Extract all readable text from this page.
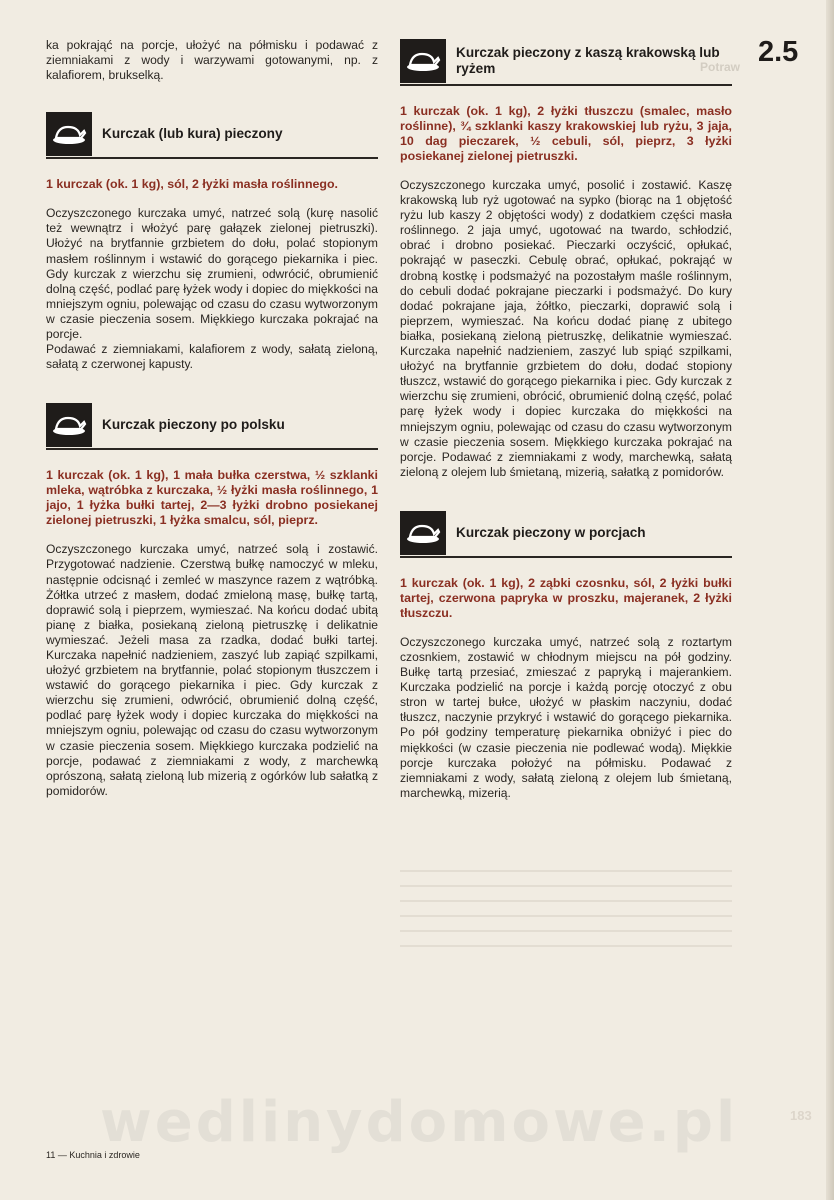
Potraw 2.5

ka pokrająć na porcje, ułożyć na półmisku i podawać z ziemniakami z wody i warzywami gotowanymi, np. z kalafiorem, brukselką.

Kurczak (lub kura) pieczony

1 kurczak (ok. 1 kg), sól, 2 łyżki masła roślinnego.

Oczyszczonego kurczaka umyć, natrzeć solą (kurę nasolić też wewnątrz i włożyć parę gałązek zielonej pietruszki). Ułożyć na brytfannie grzbietem do dołu, polać stopionym masłem roślinnym i wstawić do gorącego piekarnika i piec. Gdy kurczak z wierzchu się zrumieni, odwrócić, obrumienić dolną część, podlać parę łyżek wody i dopiec do miękkości na mniejszym ogniu, polewając od czasu do czasu wytworzonym w czasie pieczenia sosem. Miękkiego kurczaka pokrajać na porcje.

Podawać z ziemniakami, kalafiorem z wody, sałatą zieloną, sałatą z czerwonej kapusty.

Kurczak pieczony po polsku

1 kurczak (ok. 1 kg), 1 mała bułka czerstwa, ½ szklanki mleka, wątróbka z kurczaka, ½ łyżki masła roślinnego, 1 jajo, 1 łyżka bułki tartej, 2—3 łyżki drobno posiekanej zielonej pietruszki, 1 łyżka smalcu, sól, pieprz.

Oczyszczonego kurczaka umyć, natrzeć solą i zostawić. Przygotować nadzienie. Czerstwą bułkę namoczyć w mleku, następnie odcisnąć i zemleć w maszynce razem z wątróbką. Żółtka utrzeć z masłem, dodać zmieloną masę, bułkę tartą, doprawić solą i pieprzem, wymieszać. Na końcu dodać ubitą pianę z białka, posiekaną zieloną pietruszkę i delikatnie wymieszać. Jeżeli masa za rzadka, dodać bułki tartej. Kurczaka napełnić nadzieniem, zaszyć lub zapiąć szpilkami, ułożyć grzbietem na brytfannie, polać stopionym tłuszczem i wstawić do gorącego piekarnika i piec. Gdy kurczak z wierzchu się zrumieni, odwrócić, obrumienić dolną część, podlać parę łyżek wody i dopiec kurczaka do miękkości na mniejszym ogniu, polewając od czasu do czasu wytworzonym w czasie pieczenia sosem. Miękkiego kurczaka podzielić na porcje, podawać z ziemniakami z wody, z marchewką oprószoną, sałatą zieloną lub mizerią z ogórków lub sałatką z pomidorów.

Kurczak pieczony z kaszą krakowską lub ryżem

1 kurczak (ok. 1 kg), 2 łyżki tłuszczu (smalec, masło roślinne), ¾ szklanki kaszy krakowskiej lub ryżu, 3 jaja, 10 dag pieczarek, ½ cebuli, sól, pieprz, 3 łyżki posiekanej zielonej pietruszki.

Oczyszczonego kurczaka umyć, posolić i zostawić. Kaszę krakowską lub ryż ugotować na sypko (biorąc na 1 objętość ryżu lub kaszy 2 objętości wody) z dodatkiem części masła roślinnego. 2 jaja umyć, ugotować na twardo, schłodzić, obrać i drobno posiekać. Pieczarki oczyścić, opłukać, pokrająć w paseczki. Cebulę obrać, opłukać, pokrająć w drobną kostkę i podsmażyć na pozostałym maśle roślinnym, do cebuli dodać pokrajane pieczarki i podsmażyć. Do kury dodać pokrajane jaja, żółtko, pieczarki, doprawić solą i pieprzem, wymieszać. Na końcu dodać pianę z ubitego białka, posiekaną zieloną pietruszkę, delikatnie wymieszać. Kurczaka napełnić nadzieniem, zaszyć lub spiąć szpilkami, ułożyć na brytfannie grzbietem do dołu, dodać stopiony tłuszcz, wstawić do gorącego piekarnika i piec. Gdy kurczak z wierzchu się zrumieni, obrócić, obrumienić dolną część, polać parę łyżek wody i dopiec kurczaka do miękkości na mniejszym ogniu, polewając od czasu do czasu wytworzonym w czasie pieczenia sosem. Miękkiego kurczaka pokrajać na porcje. Podawać z ziemniakami z wody, marchewką, sałatą zieloną z olejem lub śmietaną, mizerią, sałatką z pomidorów.

Kurczak pieczony w porcjach

1 kurczak (ok. 1 kg), 2 ząbki czosnku, sól, 2 łyżki bułki tartej, czerwona papryka w proszku, majeranek, 2 łyżki tłuszczu.

Oczyszczonego kurczaka umyć, natrzeć solą z roztartym czosnkiem, zostawić w chłodnym miejscu na pół godziny. Bułkę tartą przesiać, zmieszać z papryką i majerankiem. Kurczaka podzielić na porcje i każdą porcję otoczyć z obu stron w tartej bułce, ułożyć w płaskim naczyniu, dodać tłuszcz, naczynie przykryć i wstawić do gorącego piekarnika. Po pół godziny temperaturę piekarnika obniżyć i piec do miękkości (w czasie pieczenia nie podlewać wodą). Miękkie porcje kurczaka położyć na półmisku. Podawać z ziemniakami z wody, sałatą zieloną z olejem lub śmietaną, marchewką, mizerią.

183
wedlinydomowe.pl
11 — Kuchnia i zdrowie
